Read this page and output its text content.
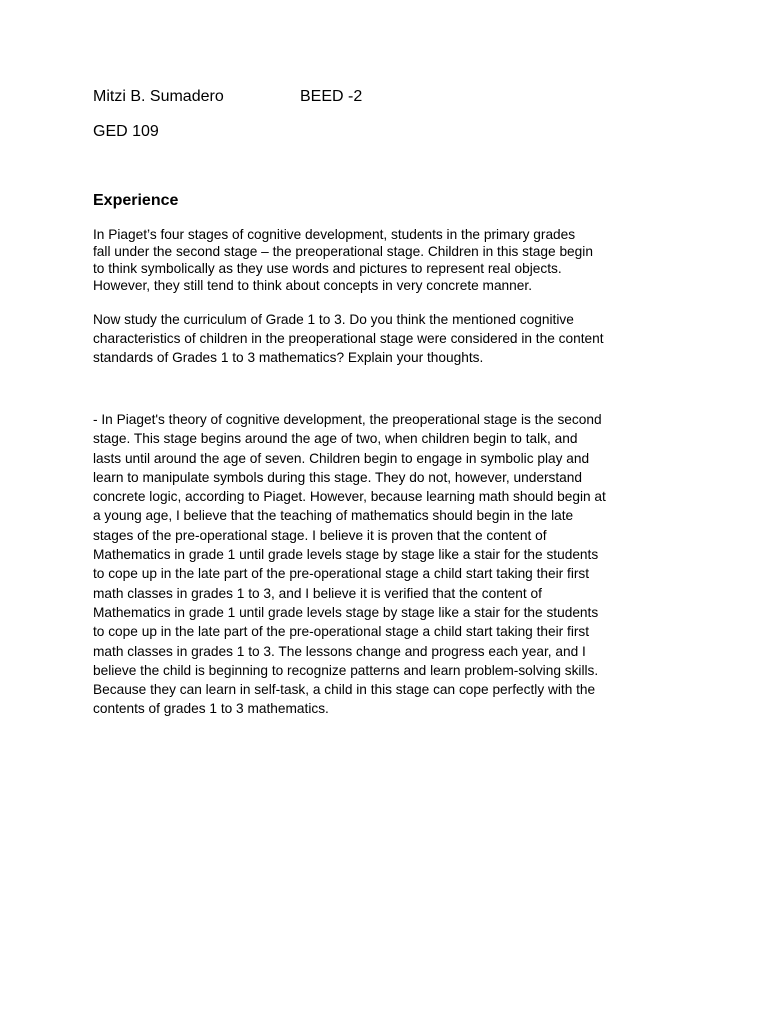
Mitzi B. Sumadero	BEED -2
GED 109
Experience
In Piaget’s four stages of cognitive development, students in the primary grades
fall under the second stage – the preoperational stage. Children in this stage begin
to think symbolically as they use words and pictures to represent real objects.
However, they still tend to think about concepts in very concrete manner.
Now study the curriculum of Grade 1 to 3. Do you think the mentioned cognitive
characteristics of children in the preoperational stage were considered in the content
standards of Grades 1 to 3 mathematics? Explain your thoughts.
- In Piaget's theory of cognitive development, the preoperational stage is the second
stage. This stage begins around the age of two, when children begin to talk, and
lasts until around the age of seven. Children begin to engage in symbolic play and
learn to manipulate symbols during this stage. They do not, however, understand
concrete logic, according to Piaget. However, because learning math should begin at
a young age, I believe that the teaching of mathematics should begin in the late
stages of the pre-operational stage. I believe it is proven that the content of
Mathematics in grade 1 until grade levels stage by stage like a stair for the students
to cope up in the late part of the pre-operational stage a child start taking their first
math classes in grades 1 to 3, and I believe it is verified that the content of
Mathematics in grade 1 until grade levels stage by stage like a stair for the students
to cope up in the late part of the pre-operational stage a child start taking their first
math classes in grades 1 to 3. The lessons change and progress each year, and I
believe the child is beginning to recognize patterns and learn problem-solving skills.
Because they can learn in self-task, a child in this stage can cope perfectly with the
contents of grades 1 to 3 mathematics.
